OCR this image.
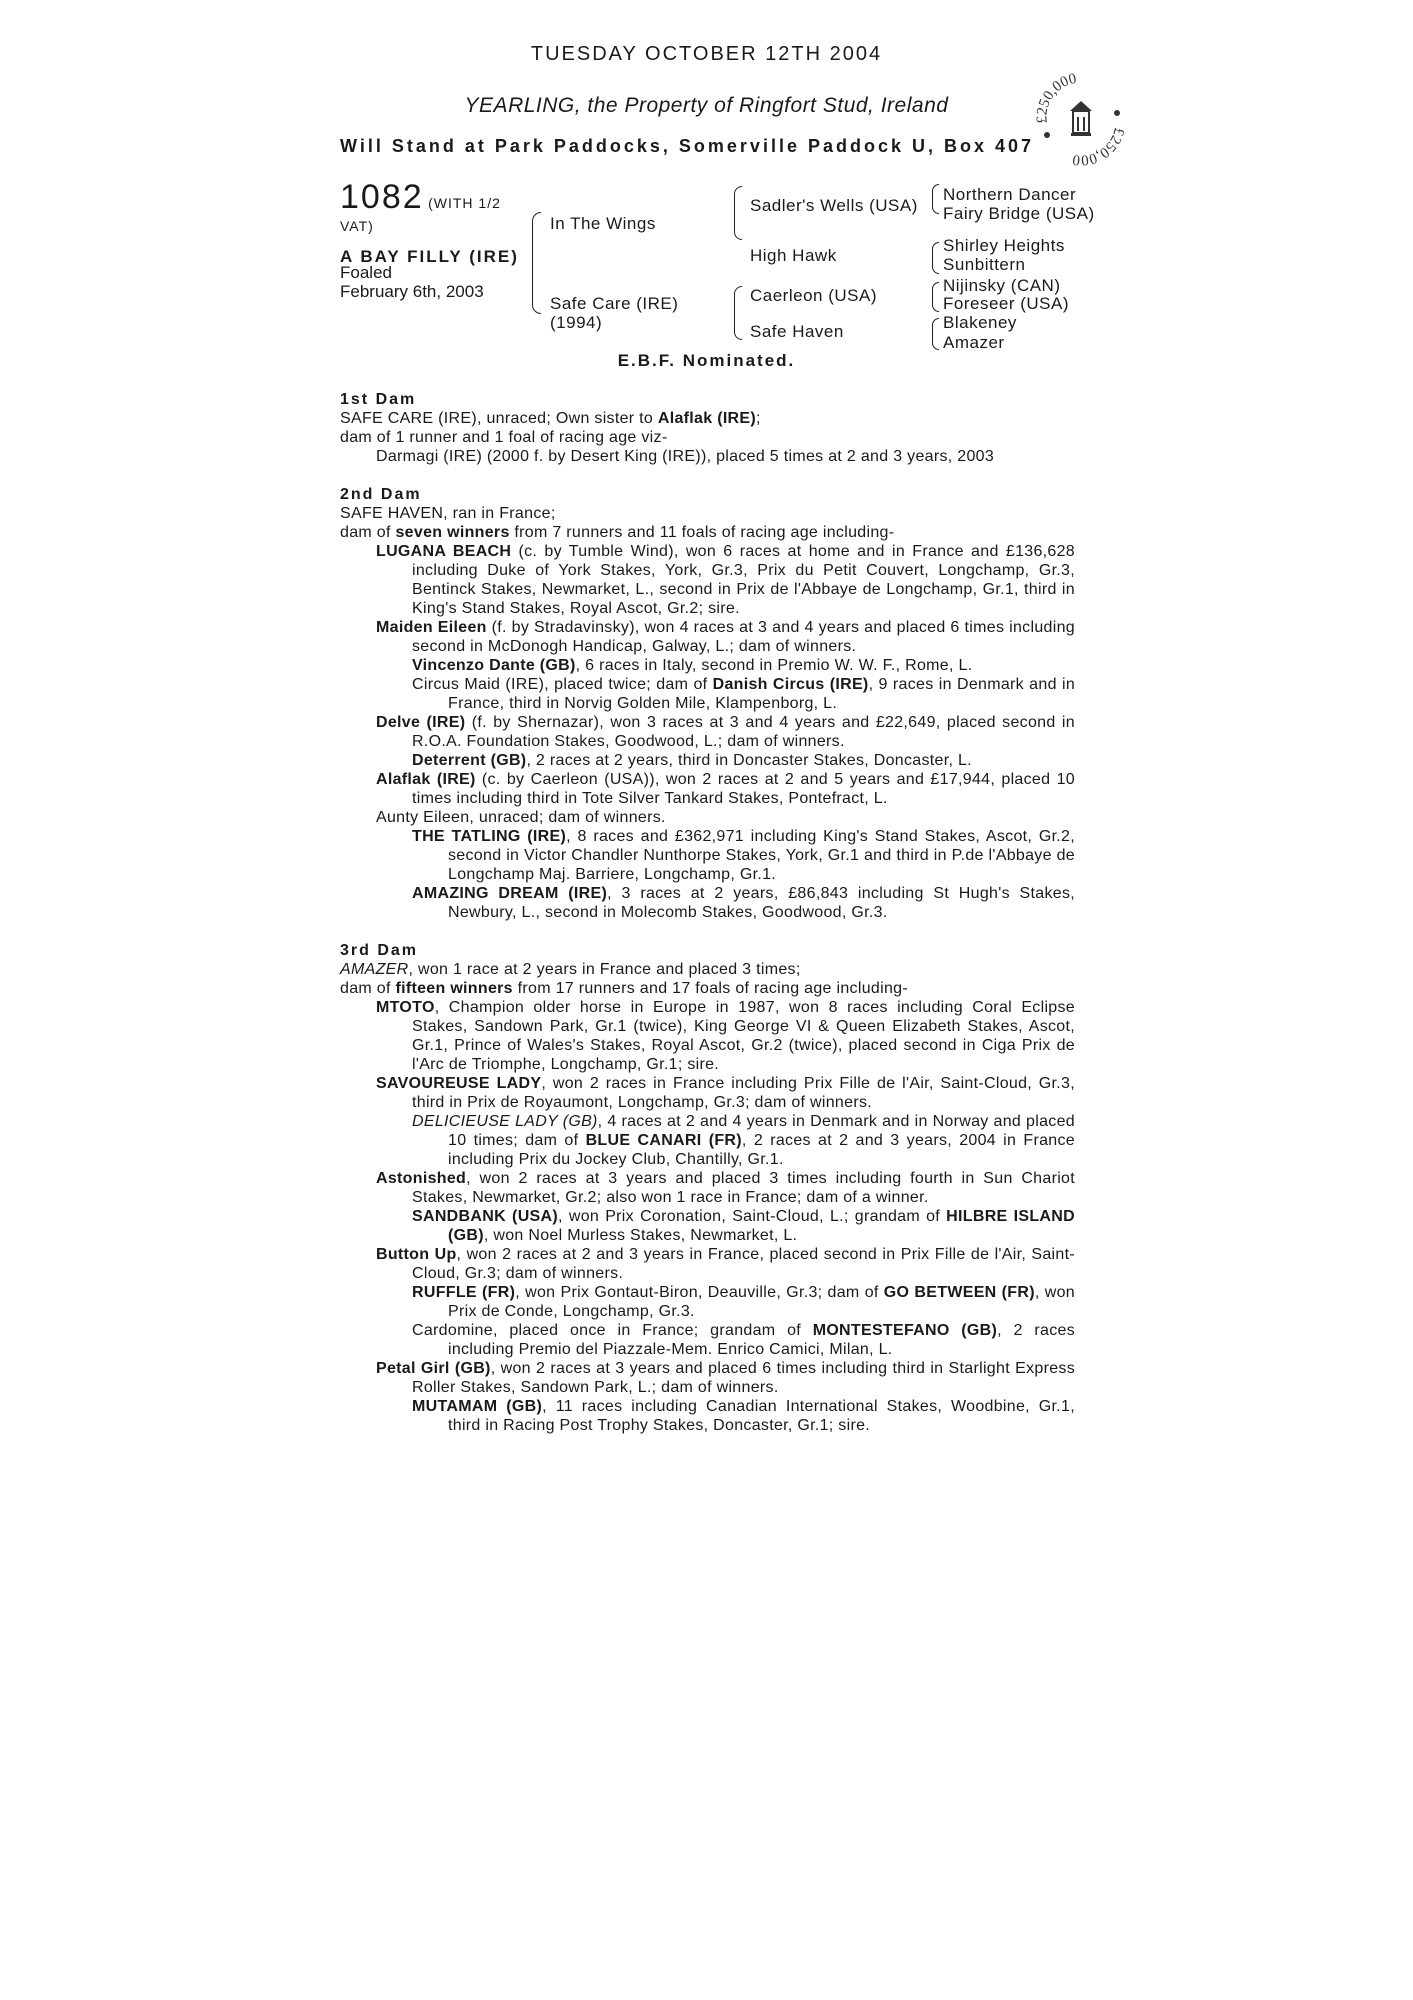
TUESDAY OCTOBER 12TH 2004
YEARLING, the Property of Ringfort Stud, Ireland
Will Stand at Park Paddocks, Somerville Paddock U, Box 407
£250,000
£250,000
1082 (WITH 1/2
VAT)
A BAY FILLY (IRE)
Foaled
February 6th, 2003
In The Wings
Safe Care (IRE)
(1994)
Sadler's Wells (USA)
High Hawk
Caerleon (USA)
Safe Haven
Northern Dancer
Fairy Bridge (USA)
Shirley Heights
Sunbittern
Nijinsky (CAN)
Foreseer (USA)
Blakeney
Amazer
E.B.F. Nominated.

1st Dam

SAFE CARE (IRE), unraced; Own sister to Alaflak (IRE);

dam of 1 runner and 1 foal of racing age viz-

Darmagi (IRE) (2000 f. by Desert King (IRE)), placed 5 times at 2 and 3 years, 2003

2nd Dam

SAFE HAVEN, ran in France;

dam of seven winners from 7 runners and 11 foals of racing age including-

LUGANA BEACH (c. by Tumble Wind), won 6 races at home and in France and £136,628 including Duke of York Stakes, York, Gr.3, Prix du Petit Couvert, Longchamp, Gr.3, Bentinck Stakes, Newmarket, L., second in Prix de l'Abbaye de Longchamp, Gr.1, third in King's Stand Stakes, Royal Ascot, Gr.2; sire.

Maiden Eileen (f. by Stradavinsky), won 4 races at 3 and 4 years and placed 6 times including second in McDonogh Handicap, Galway, L.; dam of winners.

Vincenzo Dante (GB), 6 races in Italy, second in Premio W. W. F., Rome, L.

Circus Maid (IRE), placed twice; dam of Danish Circus (IRE), 9 races in Denmark and in France, third in Norvig Golden Mile, Klampenborg, L.

Delve (IRE) (f. by Shernazar), won 3 races at 3 and 4 years and £22,649, placed second in R.O.A. Foundation Stakes, Goodwood, L.; dam of winners.

Deterrent (GB), 2 races at 2 years, third in Doncaster Stakes, Doncaster, L.

Alaflak (IRE) (c. by Caerleon (USA)), won 2 races at 2 and 5 years and £17,944, placed 10 times including third in Tote Silver Tankard Stakes, Pontefract, L.

Aunty Eileen, unraced; dam of winners.

THE TATLING (IRE), 8 races and £362,971 including King's Stand Stakes, Ascot, Gr.2, second in Victor Chandler Nunthorpe Stakes, York, Gr.1 and third in P.de l'Abbaye de Longchamp Maj. Barriere, Longchamp, Gr.1.

AMAZING DREAM (IRE), 3 races at 2 years, £86,843 including St Hugh's Stakes, Newbury, L., second in Molecomb Stakes, Goodwood, Gr.3.

3rd Dam

AMAZER, won 1 race at 2 years in France and placed 3 times;

dam of fifteen winners from 17 runners and 17 foals of racing age including-

MTOTO, Champion older horse in Europe in 1987, won 8 races including Coral Eclipse Stakes, Sandown Park, Gr.1 (twice), King George VI & Queen Elizabeth Stakes, Ascot, Gr.1, Prince of Wales's Stakes, Royal Ascot, Gr.2 (twice), placed second in Ciga Prix de l'Arc de Triomphe, Longchamp, Gr.1; sire.

SAVOUREUSE LADY, won 2 races in France including Prix Fille de l'Air, Saint-Cloud, Gr.3, third in Prix de Royaumont, Longchamp, Gr.3; dam of winners.

DELICIEUSE LADY (GB), 4 races at 2 and 4 years in Denmark and in Norway and placed 10 times; dam of BLUE CANARI (FR), 2 races at 2 and 3 years, 2004 in France including Prix du Jockey Club, Chantilly, Gr.1.

Astonished, won 2 races at 3 years and placed 3 times including fourth in Sun Chariot Stakes, Newmarket, Gr.2; also won 1 race in France; dam of a winner.

SANDBANK (USA), won Prix Coronation, Saint-Cloud, L.; grandam of HILBRE ISLAND (GB), won Noel Murless Stakes, Newmarket, L.

Button Up, won 2 races at 2 and 3 years in France, placed second in Prix Fille de l'Air, Saint-Cloud, Gr.3; dam of winners.

RUFFLE (FR), won Prix Gontaut-Biron, Deauville, Gr.3; dam of GO BETWEEN (FR), won Prix de Conde, Longchamp, Gr.3.

Cardomine, placed once in France; grandam of MONTESTEFANO (GB), 2 races including Premio del Piazzale-Mem. Enrico Camici, Milan, L.

Petal Girl (GB), won 2 races at 3 years and placed 6 times including third in Starlight Express Roller Stakes, Sandown Park, L.; dam of winners.

MUTAMAM (GB), 11 races including Canadian International Stakes, Woodbine, Gr.1, third in Racing Post Trophy Stakes, Doncaster, Gr.1; sire.
